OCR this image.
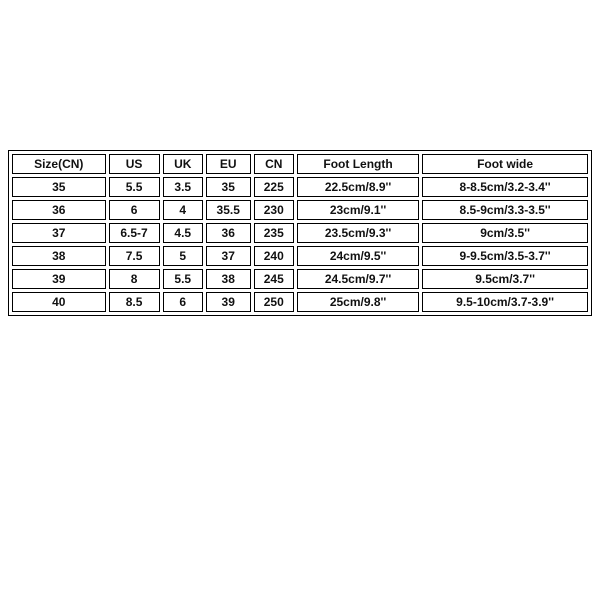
Size(CN)	US	UK	EU	CN	Foot Length	Foot wide
35	5.5	3.5	35	225	22.5cm/8.9''	8-8.5cm/3.2-3.4''
36	6	4	35.5	230	23cm/9.1''	8.5-9cm/3.3-3.5''
37	6.5-7	4.5	36	235	23.5cm/9.3''	9cm/3.5''
38	7.5	5	37	240	24cm/9.5''	9-9.5cm/3.5-3.7''
39	8	5.5	38	245	24.5cm/9.7''	9.5cm/3.7''
40	8.5	6	39	250	25cm/9.8''	9.5-10cm/3.7-3.9''
